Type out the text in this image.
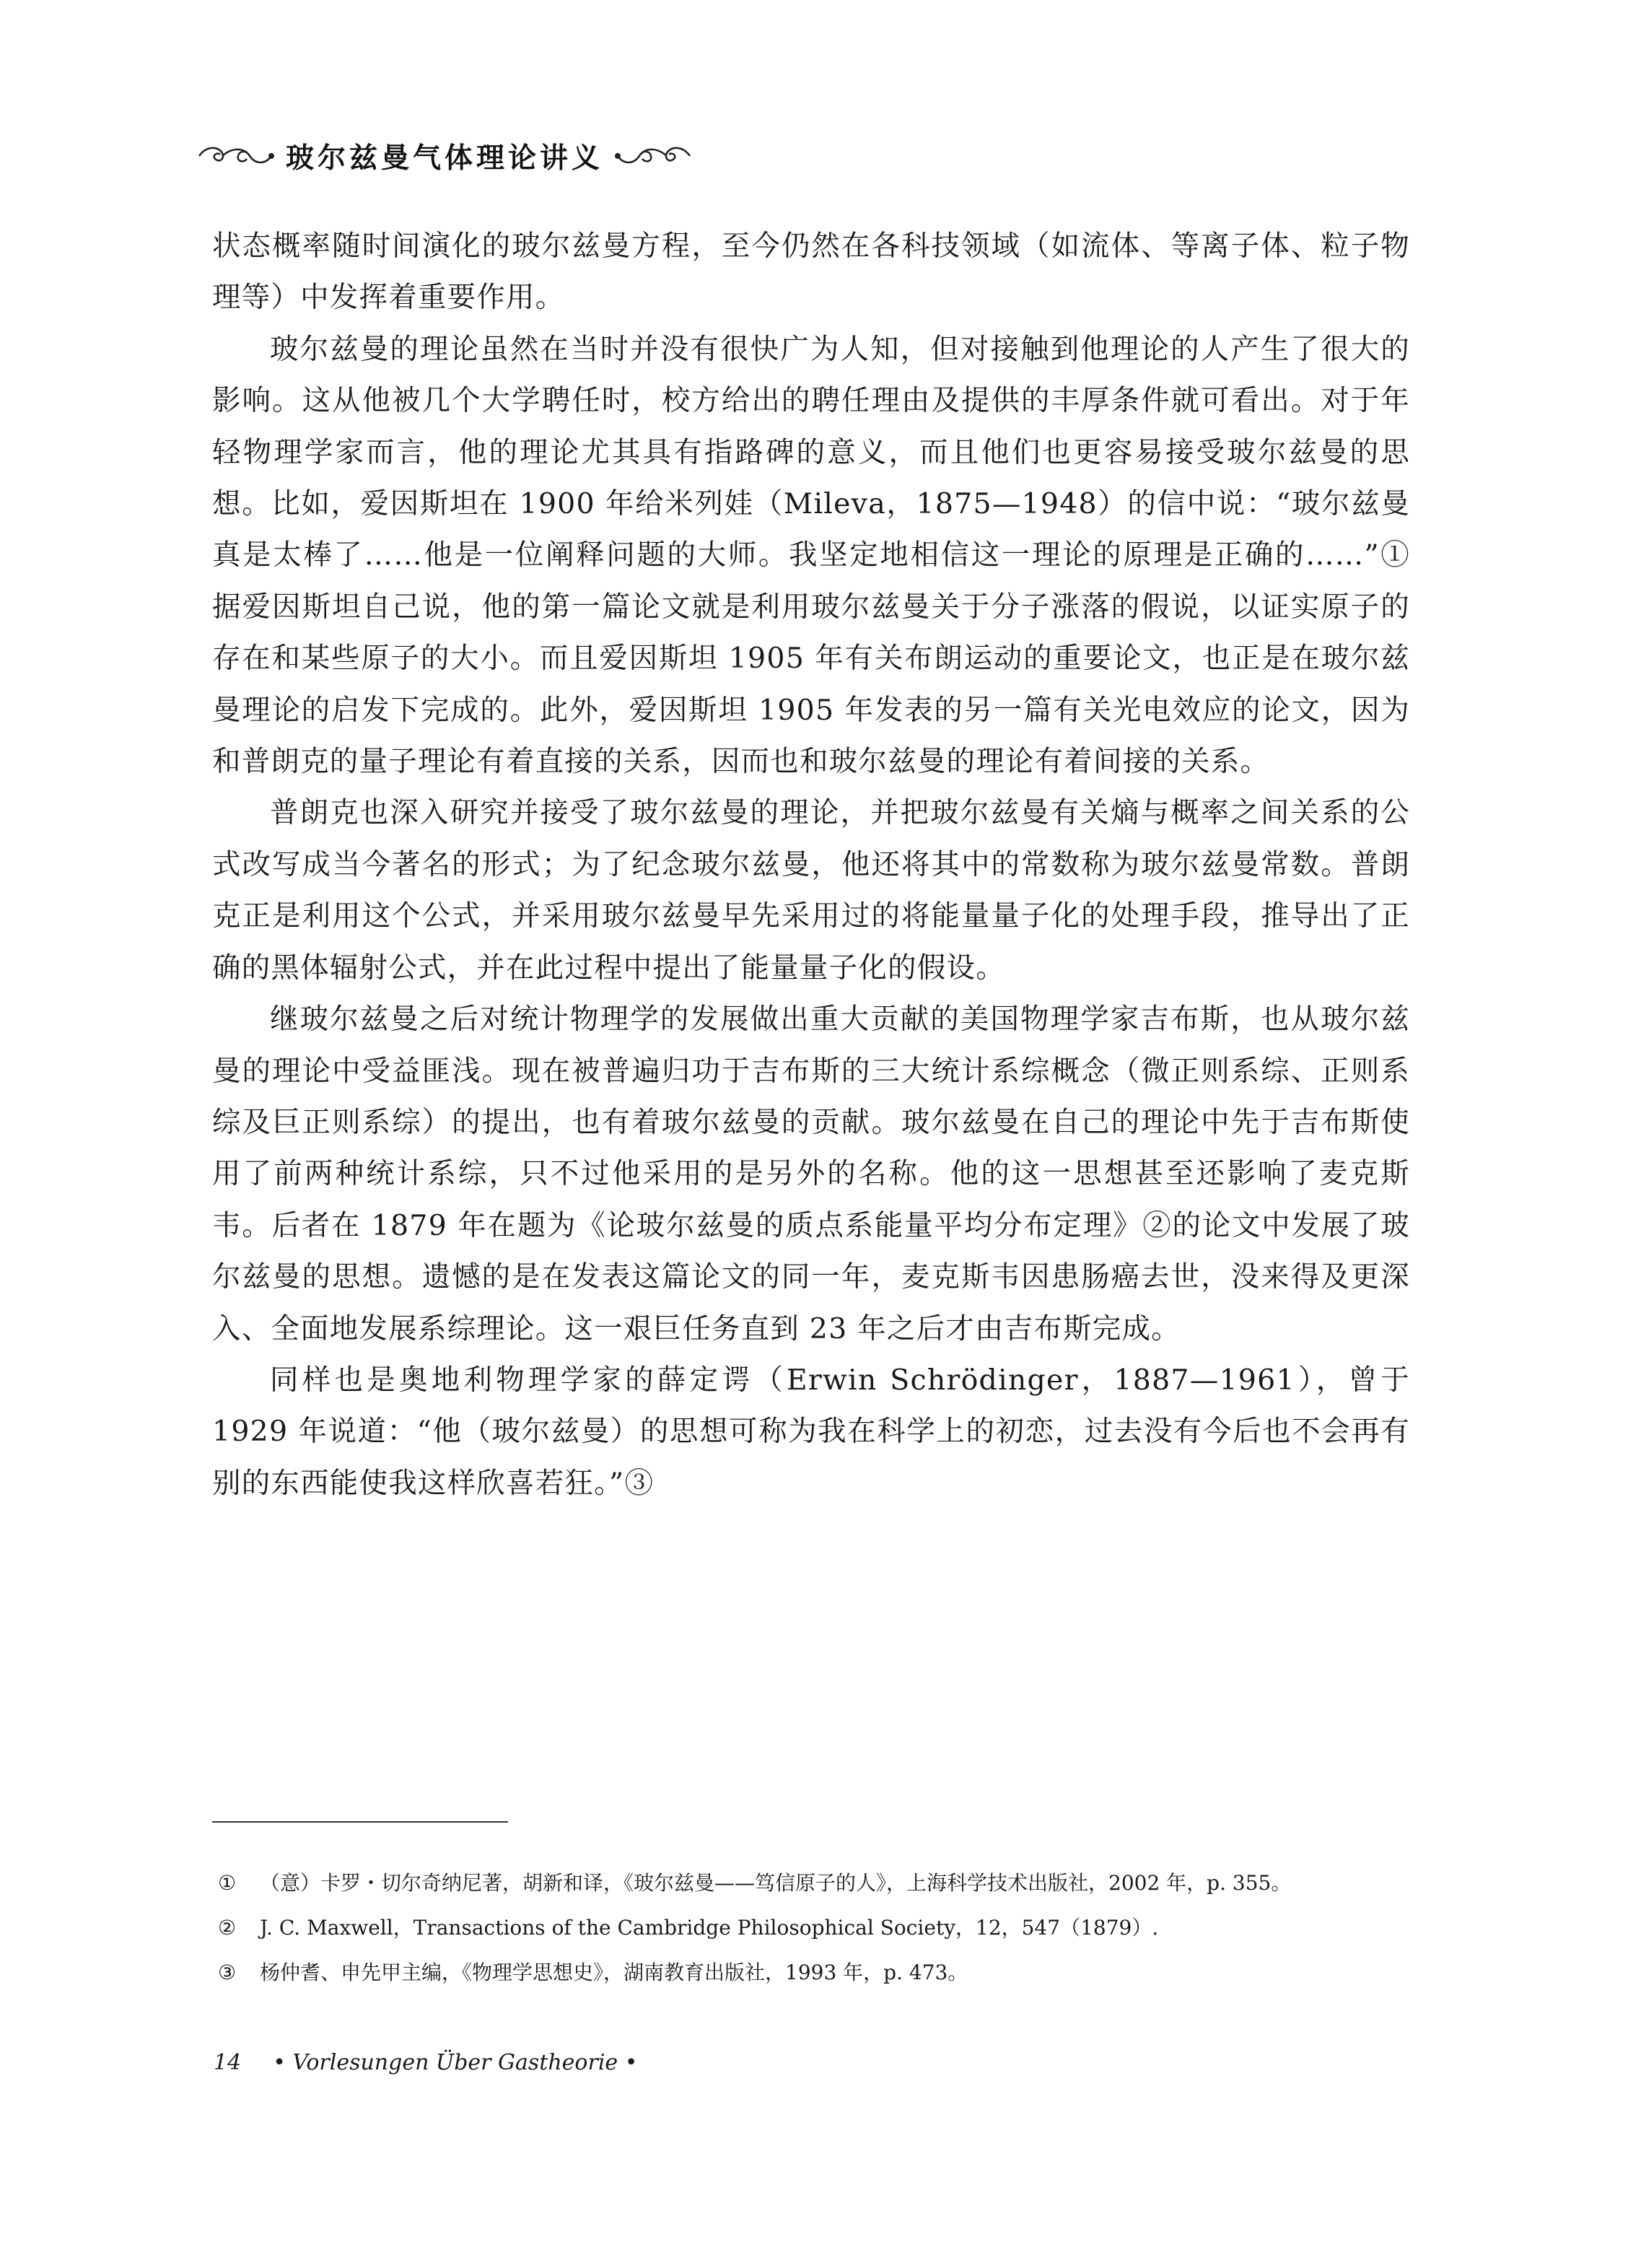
玻尔兹曼气体理论讲义

状态概率随时间演化的玻尔兹曼方程，至今仍然在各科技领域（如流体、等离子体、粒子物理等）中发挥着重要作用。

玻尔兹曼的理论虽然在当时并没有很快广为人知，但对接触到他理论的人产生了很大的影响。这从他被几个大学聘任时，校方给出的聘任理由及提供的丰厚条件就可看出。对于年轻物理学家而言，他的理论尤其具有指路碑的意义，而且他们也更容易接受玻尔兹曼的思想。比如，爱因斯坦在 1900 年给米列娃（Mileva，1875—1948）的信中说：“玻尔兹曼真是太棒了……他是一位阐释问题的大师。我坚定地相信这一理论的原理是正确的……”① 据爱因斯坦自己说，他的第一篇论文就是利用玻尔兹曼关于分子涨落的假说，以证实原子的存在和某些原子的大小。而且爱因斯坦 1905 年有关布朗运动的重要论文，也正是在玻尔兹曼理论的启发下完成的。此外，爱因斯坦 1905 年发表的另一篇有关光电效应的论文，因为和普朗克的量子理论有着直接的关系，因而也和玻尔兹曼的理论有着间接的关系。

普朗克也深入研究并接受了玻尔兹曼的理论，并把玻尔兹曼有关熵与概率之间关系的公式改写成当今著名的形式；为了纪念玻尔兹曼，他还将其中的常数称为玻尔兹曼常数。普朗克正是利用这个公式，并采用玻尔兹曼早先采用过的将能量量子化的处理手段，推导出了正确的黑体辐射公式，并在此过程中提出了能量量子化的假设。

继玻尔兹曼之后对统计物理学的发展做出重大贡献的美国物理学家吉布斯，也从玻尔兹曼的理论中受益匪浅。现在被普遍归功于吉布斯的三大统计系综概念（微正则系综、正则系综及巨正则系综）的提出，也有着玻尔兹曼的贡献。玻尔兹曼在自己的理论中先于吉布斯使用了前两种统计系综，只不过他采用的是另外的名称。他的这一思想甚至还影响了麦克斯韦。后者在 1879 年在题为《论玻尔兹曼的质点系能量平均分布定理》②的论文中发展了玻尔兹曼的思想。遗憾的是在发表这篇论文的同一年，麦克斯韦因患肠癌去世，没来得及更深入、全面地发展系综理论。这一艰巨任务直到 23 年之后才由吉布斯完成。

同样也是奥地利物理学家的薛定谔（Erwin Schrödinger，1887—1961），曾于 1929 年说道：“他（玻尔兹曼）的思想可称为我在科学上的初恋，过去没有今后也不会再有别的东西能使我这样欣喜若狂。”③

① （意）卡罗・切尔奇纳尼著，胡新和译，《玻尔兹曼——笃信原子的人》，上海科学技术出版社，2002 年，p. 355。

② J. C. Maxwell，Transactions of the Cambridge Philosophical Society，12，547（1879）.

③ 杨仲耆、申先甲主编，《物理学思想史》，湖南教育出版社，1993 年，p. 473。

14 • Vorlesungen Über Gastheorie •
